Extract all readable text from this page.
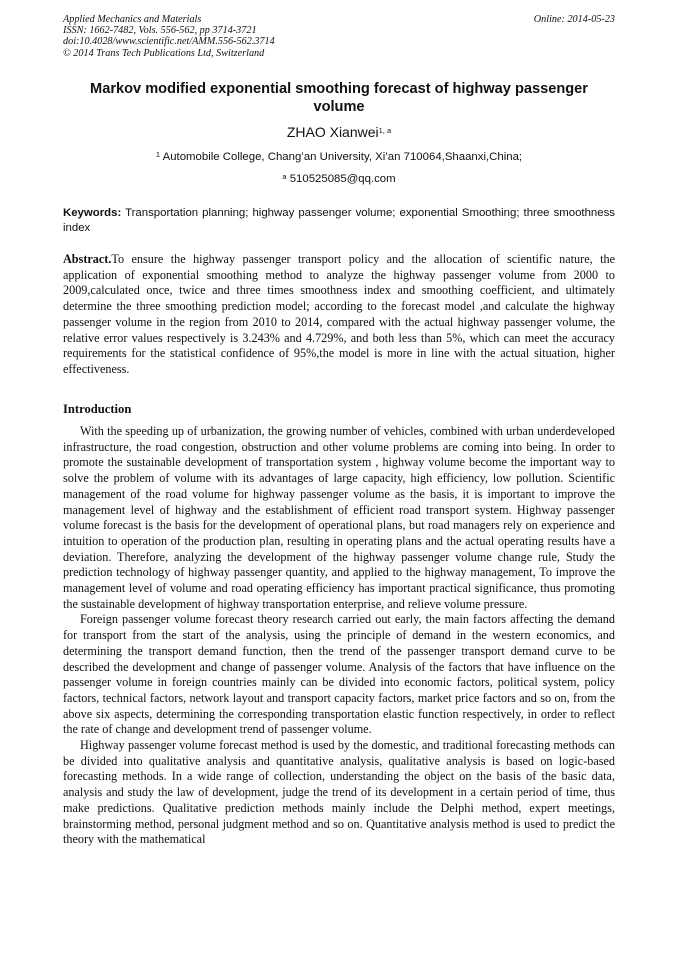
Applied Mechanics and Materials
ISSN: 1662-7482, Vols. 556-562, pp 3714-3721
doi:10.4028/www.scientific.net/AMM.556-562.3714
© 2014 Trans Tech Publications Ltd, Switzerland
Online: 2014-05-23
Markov modified exponential smoothing forecast of highway passenger
volume
ZHAO Xianwei$^{1, a}$
$^1$ Automobile College, Chang’an University, Xi’an 710064,Shaanxi,China;
$^a$ 510525085@qq.com
Keywords: Transportation planning; highway passenger volume; exponential Smoothing; three smoothness index
Abstract.To ensure the highway passenger transport policy and the allocation of scientific nature, the application of exponential smoothing method to analyze the highway passenger volume from 2000 to 2009,calculated once, twice and three times smoothness index and smoothing coefficient, and ultimately determine the three smoothing prediction model; according to the forecast model ,and calculate the highway passenger volume in the region from 2010 to 2014, compared with the actual highway passenger volume, the relative error values respectively is 3.243% and 4.729%, and both less than 5%, which can meet the accuracy requirements for the statistical confidence of 95%,the model is more in line with the actual situation, higher effectiveness.
Introduction

With the speeding up of urbanization, the growing number of vehicles, combined with urban underdeveloped infrastructure, the road congestion, obstruction and other volume problems are coming into being. In order to promote the sustainable development of transportation system , highway volume become the important way to solve the problem of volume with its advantages of large capacity, high efficiency, low pollution. Scientific management of the road volume for highway passenger volume as the basis, it is important to improve the management level of highway and the establishment of efficient road transport system. Highway passenger volume forecast is the basis for the development of operational plans, but road managers rely on experience and intuition to operation of the production plan, resulting in operating plans and the actual operating results have a deviation. Therefore, analyzing the development of the highway passenger volume change rule, Study the prediction technology of highway passenger quantity, and applied to the highway management, To improve the management level of volume and road operating efficiency has important practical significance, thus promoting the sustainable development of highway transportation enterprise, and relieve volume pressure.

Foreign passenger volume forecast theory research carried out early, the main factors affecting the demand for transport from the start of the analysis, using the principle of demand in the western economics, and determining the transport demand function, then the trend of the passenger transport demand curve to be described the development and change of passenger volume. Analysis of the factors that have influence on the passenger volume in foreign countries mainly can be divided into economic factors, political system, policy factors, technical factors, network layout and transport capacity factors, market price factors and so on, from the above six aspects, determining the corresponding transportation elastic function respectively, in order to reflect the rate of change and development trend of passenger volume.

Highway passenger volume forecast method is used by the domestic, and traditional forecasting methods can be divided into qualitative analysis and quantitative analysis, qualitative analysis is based on logic-based forecasting methods. In a wide range of collection, understanding the object on the basis of the basic data, analysis and study the law of development, judge the trend of its development in a certain period of time, thus make predictions. Qualitative prediction methods mainly include the Delphi method, expert meetings, brainstorming method, personal judgment method and so on. Quantitative analysis method is used to predict the theory with the mathematical
